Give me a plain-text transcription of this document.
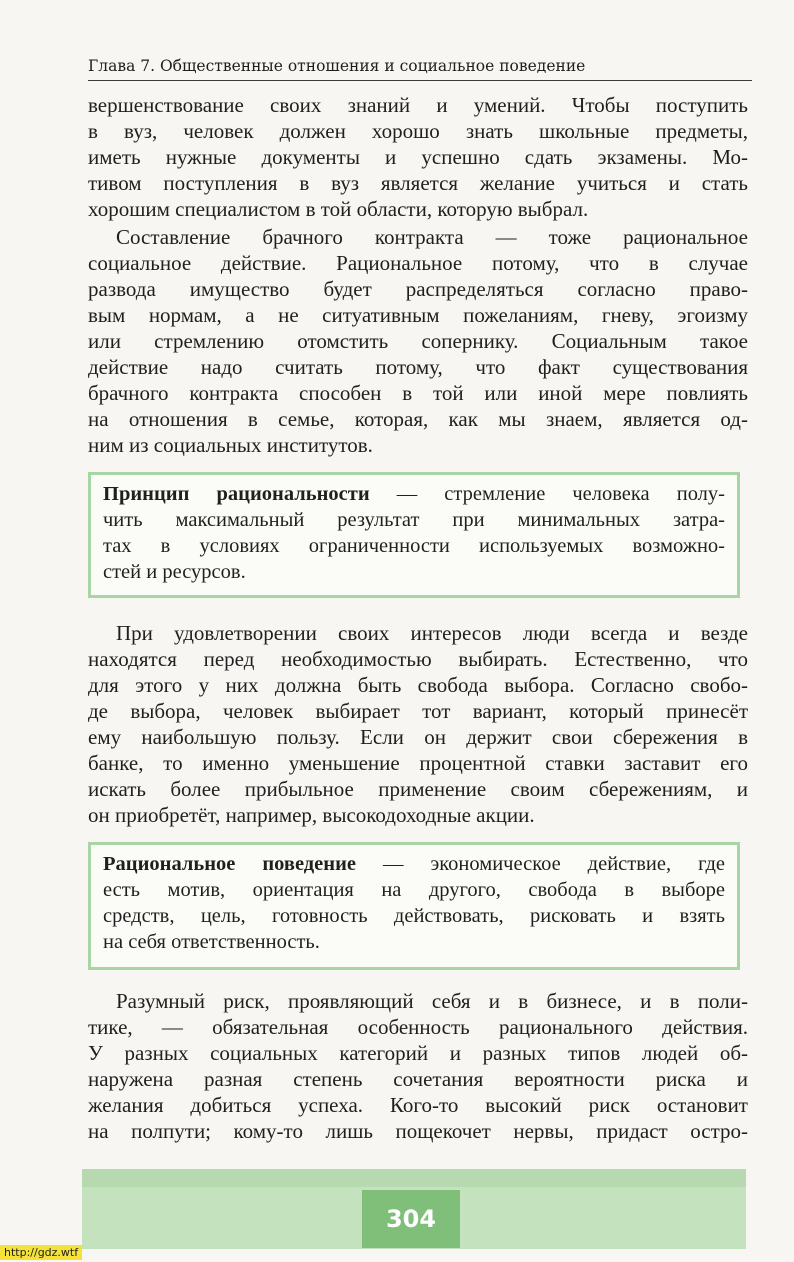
Глава 7. Общественные отношения и социальное поведение
вершенствование своих знаний и умений. Чтобы поступить
в вуз, человек должен хорошо знать школьные предметы,
иметь нужные документы и успешно сдать экзамены. Мо-
тивом поступления в вуз является желание учиться и стать
хорошим специалистом в той области, которую выбрал.
Составление брачного контракта — тоже рациональное
социальное действие. Рациональное потому, что в случае
развода имущество будет распределяться согласно право-
вым нормам, а не ситуативным пожеланиям, гневу, эгоизму
или стремлению отомстить сопернику. Социальным такое
действие надо считать потому, что факт существования
брачного контракта способен в той или иной мере повлиять
на отношения в семье, которая, как мы знаем, является од-
ним из социальных институтов.
Принцип рациональности — стремление человека полу-
чить максимальный результат при минимальных затра-
тах в условиях ограниченности используемых возможно-
стей и ресурсов.
При удовлетворении своих интересов люди всегда и везде
находятся перед необходимостью выбирать. Естественно, что
для этого у них должна быть свобода выбора. Согласно свобо-
де выбора, человек выбирает тот вариант, который принесёт
ему наибольшую пользу. Если он держит свои сбережения в
банке, то именно уменьшение процентной ставки заставит его
искать более прибыльное применение своим сбережениям, и
он приобретёт, например, высокодоходные акции.
Рациональное поведение — экономическое действие, где
есть мотив, ориентация на другого, свобода в выборе
средств, цель, готовность действовать, рисковать и взять
на себя ответственность.
Разумный риск, проявляющий себя и в бизнесе, и в поли-
тике, — обязательная особенность рационального действия.
У разных социальных категорий и разных типов людей об-
наружена разная степень сочетания вероятности риска и
желания добиться успеха. Кого-то высокий риск остановит
на полпути; кому-то лишь пощекочет нервы, придаст остро-
304
http://gdz.wtf
